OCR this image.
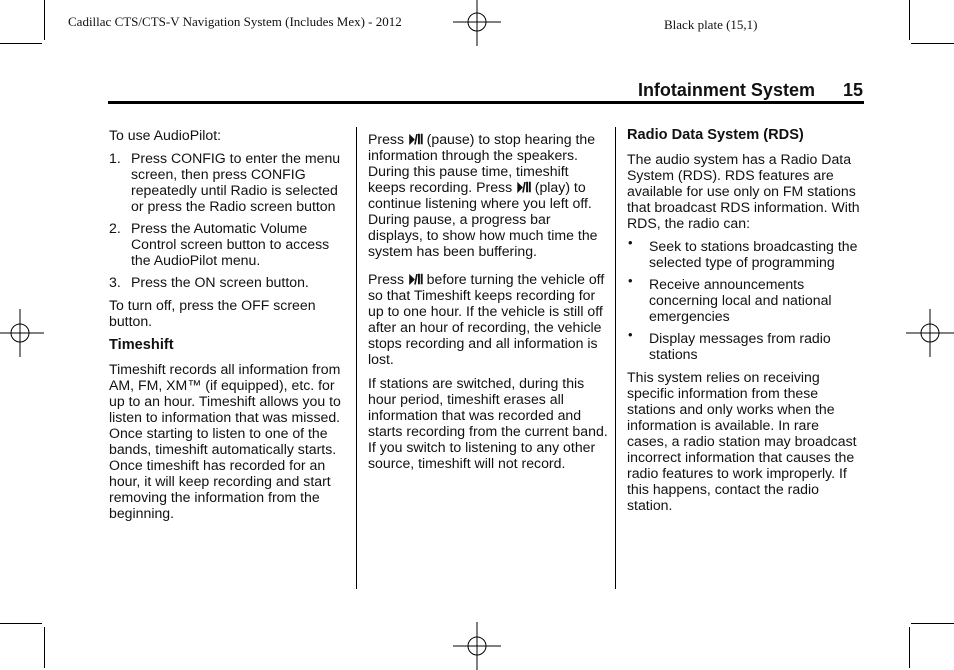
Cadillac CTS/CTS-V Navigation System (Includes Mex) - 2012	Black plate (15,1)
Infotainment System 15

To use AudioPilot:

1. Press CONFIG to enter the menu screen, then press CONFIG repeatedly until Radio is selected or press the Radio screen button
2. Press the Automatic Volume Control screen button to access the AudioPilot menu.
3. Press the ON screen button.

To turn off, press the OFF screen button.

Timeshift

Timeshift records all information from AM, FM, XM™ (if equipped), etc. for up to an hour. Timeshift allows you to listen to information that was missed. Once starting to listen to one of the bands, timeshift automatically starts. Once timeshift has recorded for an hour, it will keep recording and start removing the information from the beginning.

Press ⏵/Ⅱ (pause) to stop hearing the information through the speakers. During this pause time, timeshift keeps recording. Press ⏵/Ⅱ (play) to continue listening where you left off. During pause, a progress bar displays, to show how much time the system has been buffering.

Press ⏵/Ⅱ before turning the vehicle off so that Timeshift keeps recording for up to one hour. If the vehicle is still off after an hour of recording, the vehicle stops recording and all information is lost.

If stations are switched, during this hour period, timeshift erases all information that was recorded and starts recording from the current band. If you switch to listening to any other source, timeshift will not record.

Radio Data System (RDS)

The audio system has a Radio Data System (RDS). RDS features are available for use only on FM stations that broadcast RDS information. With RDS, the radio can:

• Seek to stations broadcasting the selected type of programming
• Receive announcements concerning local and national emergencies
• Display messages from radio stations

This system relies on receiving specific information from these stations and only works when the information is available. In rare cases, a radio station may broadcast incorrect information that causes the radio features to work improperly. If this happens, contact the radio station.
